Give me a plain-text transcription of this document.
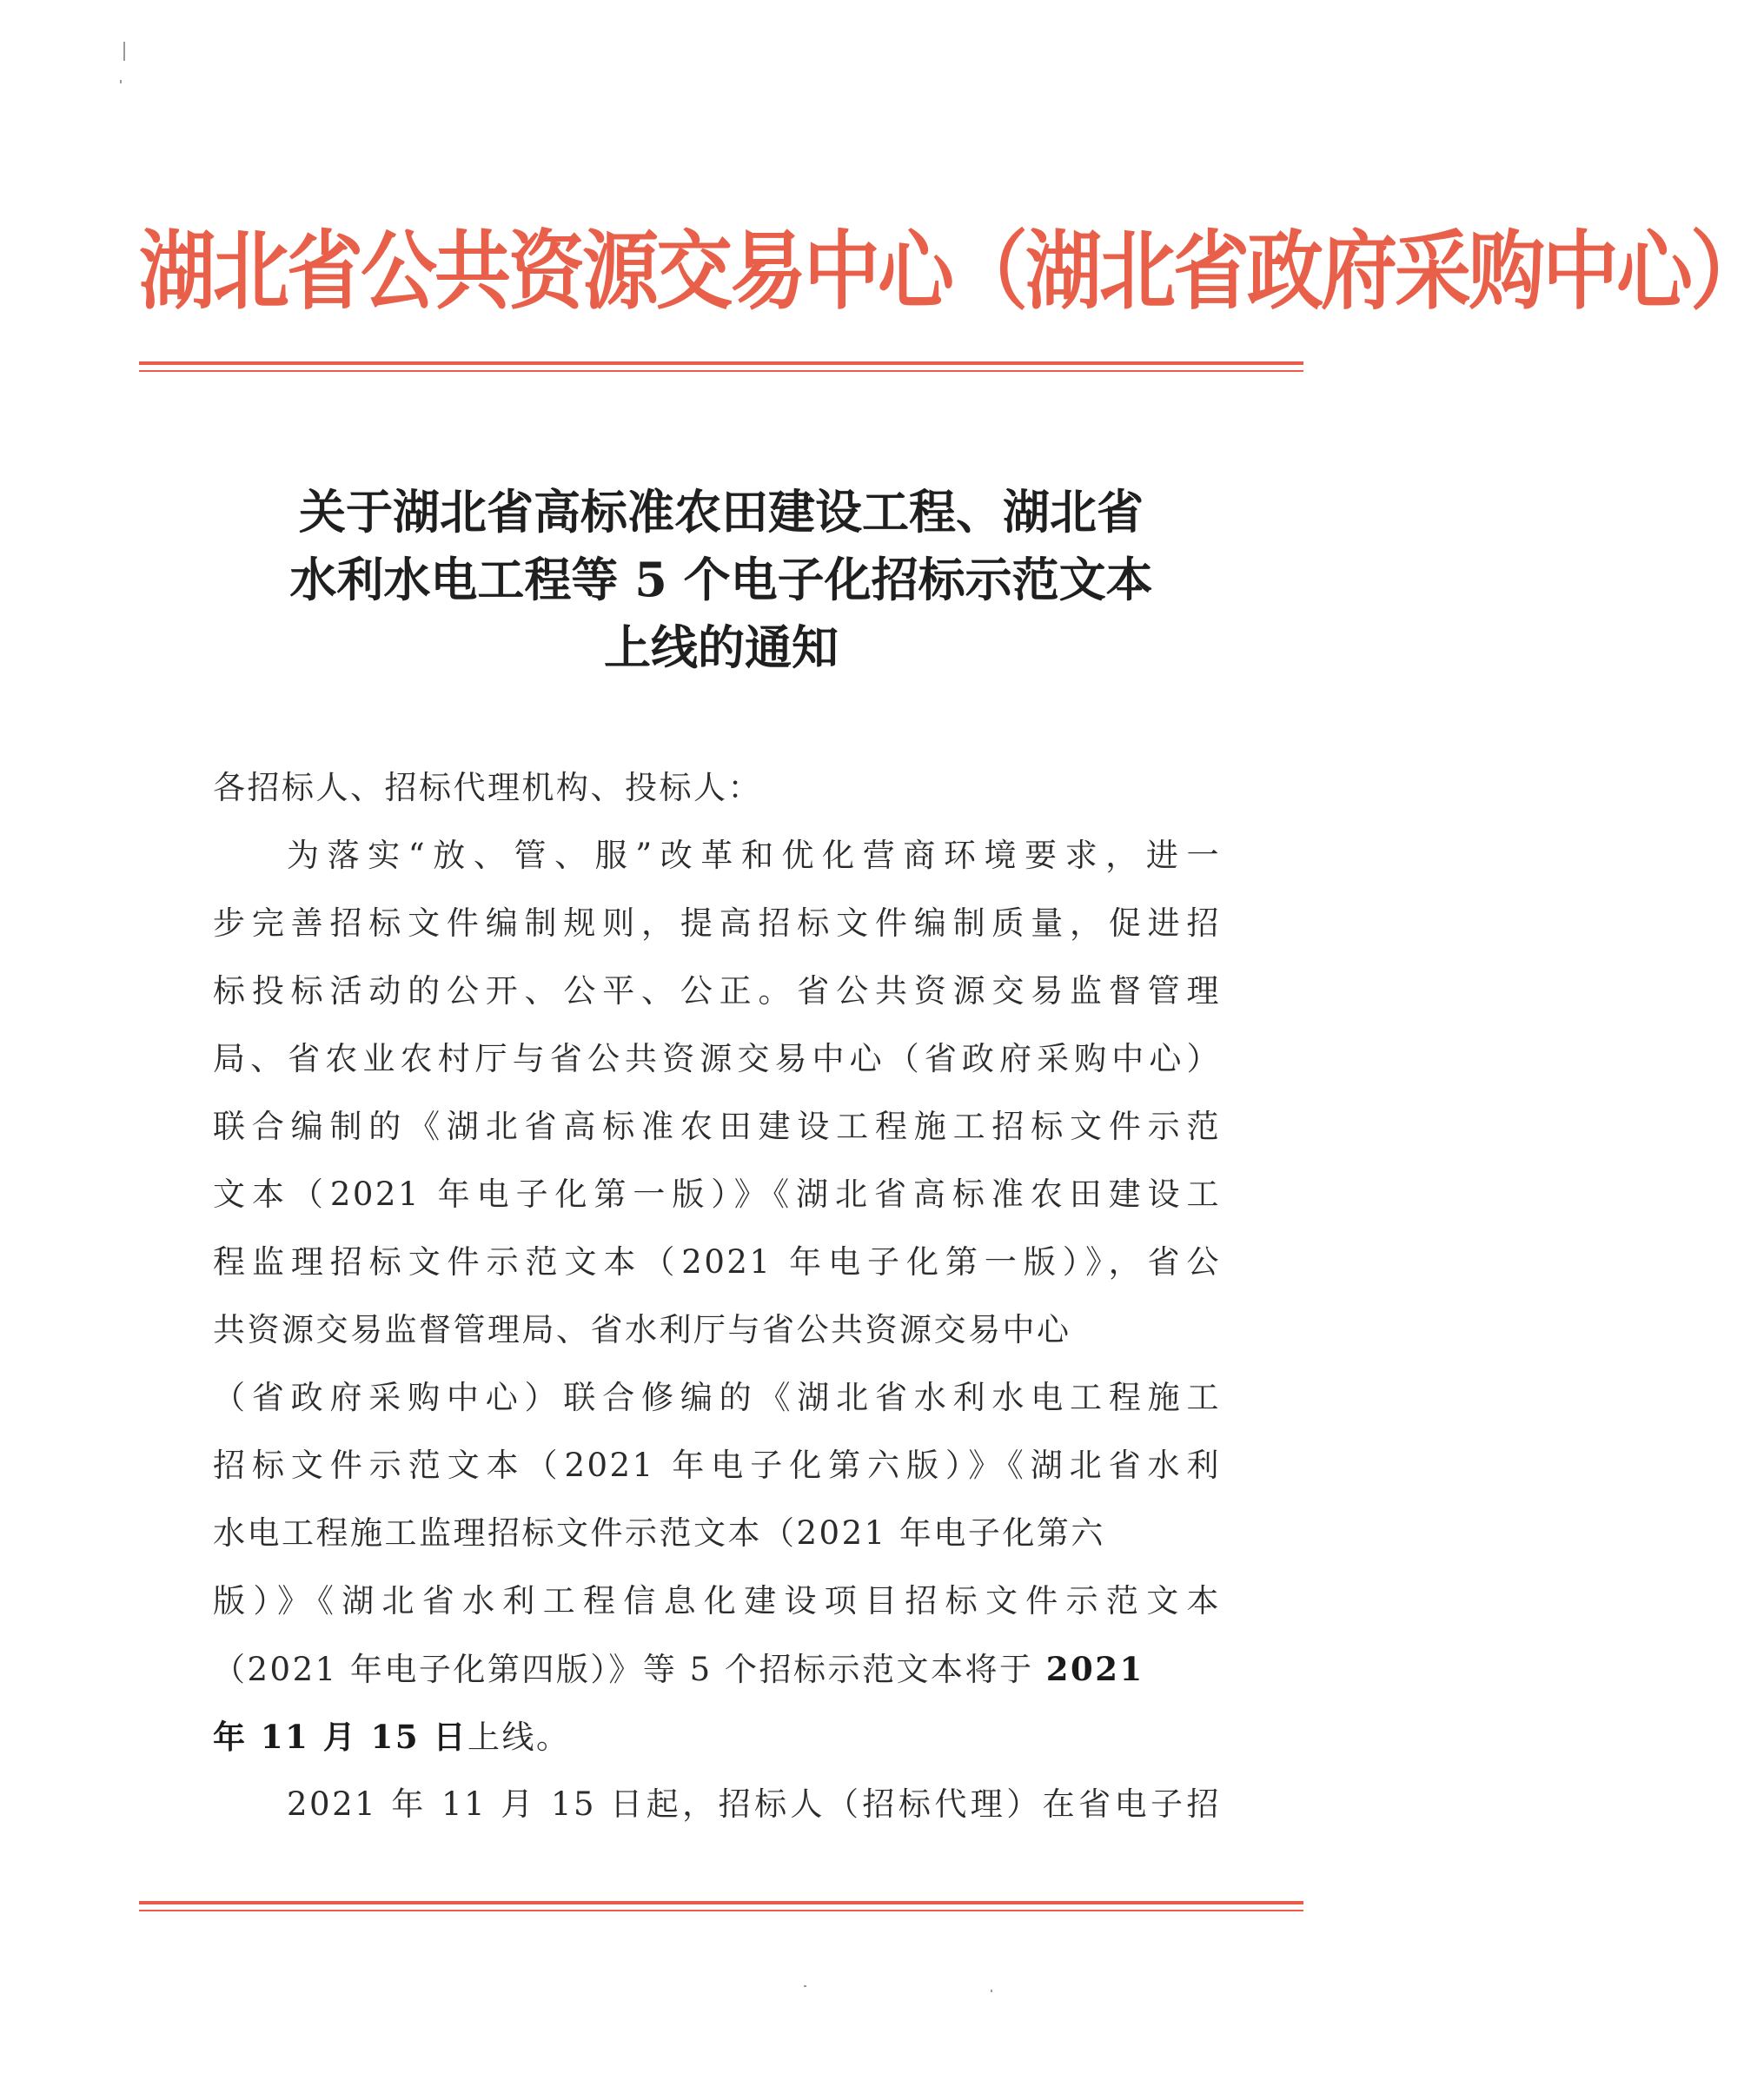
湖北省公共资源交易中心（湖北省政府采购中心）
关于湖北省高标准农田建设工程、湖北省
水利水电工程等 5 个电子化招标示范文本
上线的通知
各招标人、招标代理机构、投标人：
为落实“放、管、服”改革和优化营商环境要求，进一
步完善招标文件编制规则，提高招标文件编制质量，促进招
标投标活动的公开、公平、公正。省公共资源交易监督管理
局、省农业农村厅与省公共资源交易中心（省政府采购中心）
联合编制的《湖北省高标准农田建设工程施工招标文件示范
文本（2021 年电子化第一版）》《湖北省高标准农田建设工
程监理招标文件示范文本（2021 年电子化第一版）》，省公
共资源交易监督管理局、省水利厅与省公共资源交易中心
（省政府采购中心）联合修编的《湖北省水利水电工程施工
招标文件示范文本（2021 年电子化第六版）》《湖北省水利
水电工程施工监理招标文件示范文本（2021 年电子化第六
版）》《湖北省水利工程信息化建设项目招标文件示范文本
（2021 年电子化第四版）》等 5 个招标示范文本将于 2021
年 11 月 15 日上线。
2021 年 11 月 15 日起，招标人（招标代理）在省电子招
